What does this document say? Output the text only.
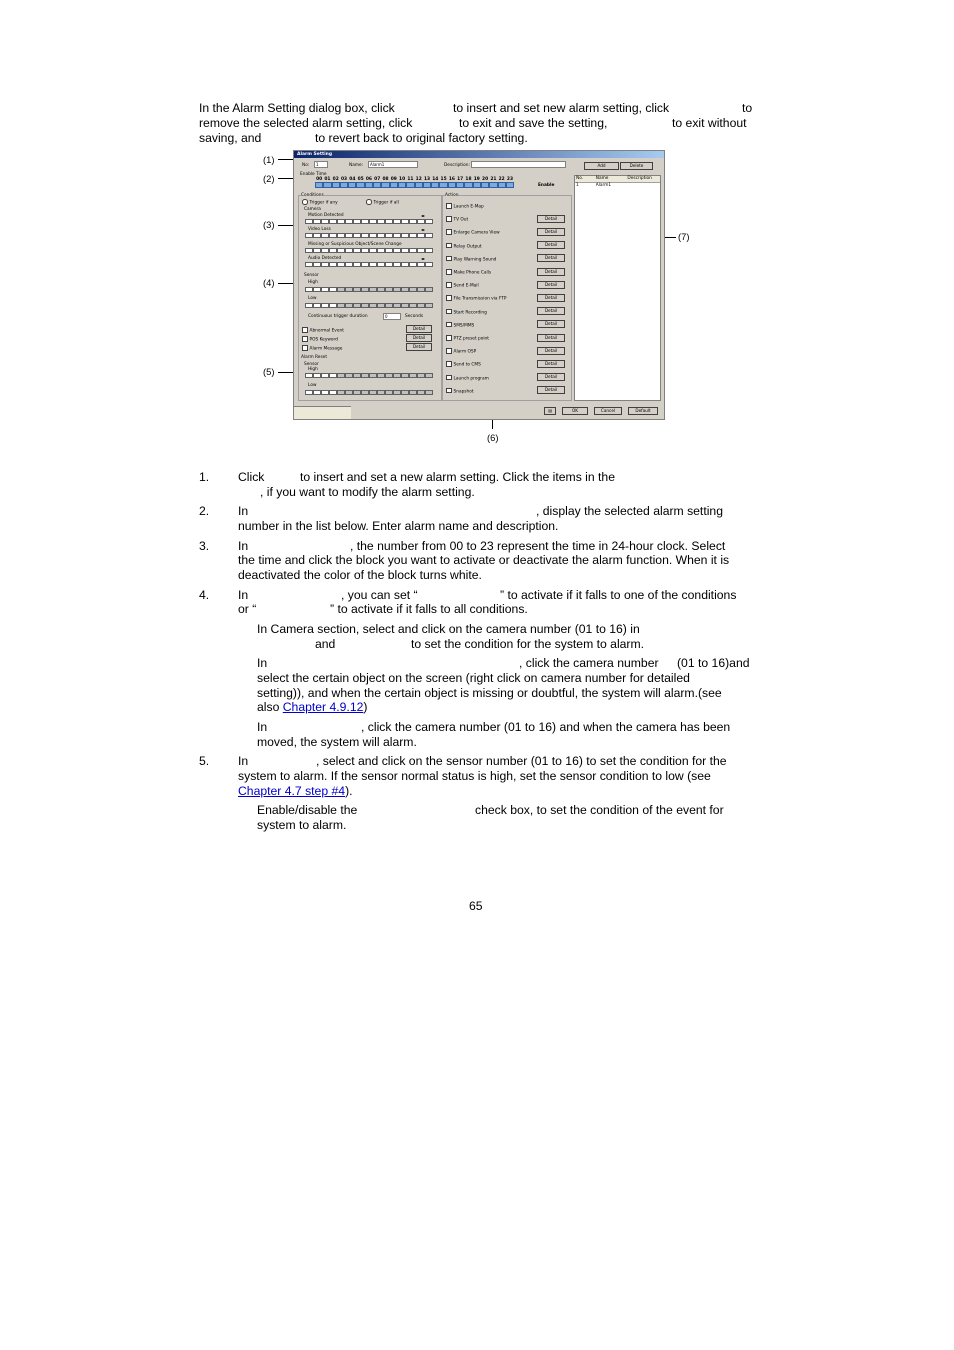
In the Alarm Setting dialog box, click	to insert and set new alarm setting, click	to
remove the selected alarm setting, click	to exit and save the setting,	to exit without
saving, and	to revert back to original factory setting.
(1)
(2)
(3)
(4)
(5)
(6)
(7)
Alarm Setting
No:	1	Name:	Alarm1	Description:	Add	Delete
Enable Time
00 01 02 03 04 05 06 07 08 09 10 11 12 13 14 15 16 17 18 19 20 21 22 23
Enable
Conditions
Trigger if any	Trigger if all
Camera
Motion Detected	◂▸
Video Loss	◂▸
Missing or Suspicious Object/Scene Change
Audio Detected	◂▸
Sensor
High
Low
Continuous trigger duration	0	Seconds
Abnormal Event	Detail
POS Keyword	Detail
Alarm Message	Detail
Alarm Reset
Sensor
High
Low
Action
Launch E-Map
TV Out	Detail
Enlarge Camera View	Detail
Relay Output	Detail
Play Warning Sound	Detail
Make Phone Calls	Detail
Send E-Mail	Detail
File Transmission via FTP	Detail
Start Recording	Detail
SMS/MMS	Detail
PTZ preset point	Detail
Alarm OSP	Detail
Send to CMS	Detail
Launch program	Detail
Snapshot	Detail
No.	Name	Description
1	Alarm1
▤	OK	Cancel	Default
1. Click	to insert and set a new alarm setting. Click the items in the
, if you want to modify the alarm setting.
2. In	, display the selected alarm setting
number in the list below. Enter alarm name and description.
3. In	, the number from 00 to 23 represent the time in 24-hour clock. Select
the time and click the block you want to activate or deactivate the alarm function. When it is
deactivated the color of the block turns white.
4. In	, you can set “	” to activate if it falls to one of the conditions
or “	” to activate if it falls to all conditions.
In Camera section, select and click on the camera number (01 to 16) in
and	to set the condition for the system to alarm.
In	, click the camera number (01 to 16)and
select the certain object on the screen (right click on camera number for detailed
setting)), and when the certain object is missing or doubtful, the system will alarm.(see
also Chapter 4.9.12)
In	, click the camera number (01 to 16) and when the camera has been
moved, the system will alarm.
5. In	, select and click on the sensor number (01 to 16) to set the condition for the
system to alarm. If the sensor normal status is high, set the sensor condition to low (see
Chapter 4.7 step #4).
Enable/disable the	check box, to set the condition of the event for
system to alarm.
65
